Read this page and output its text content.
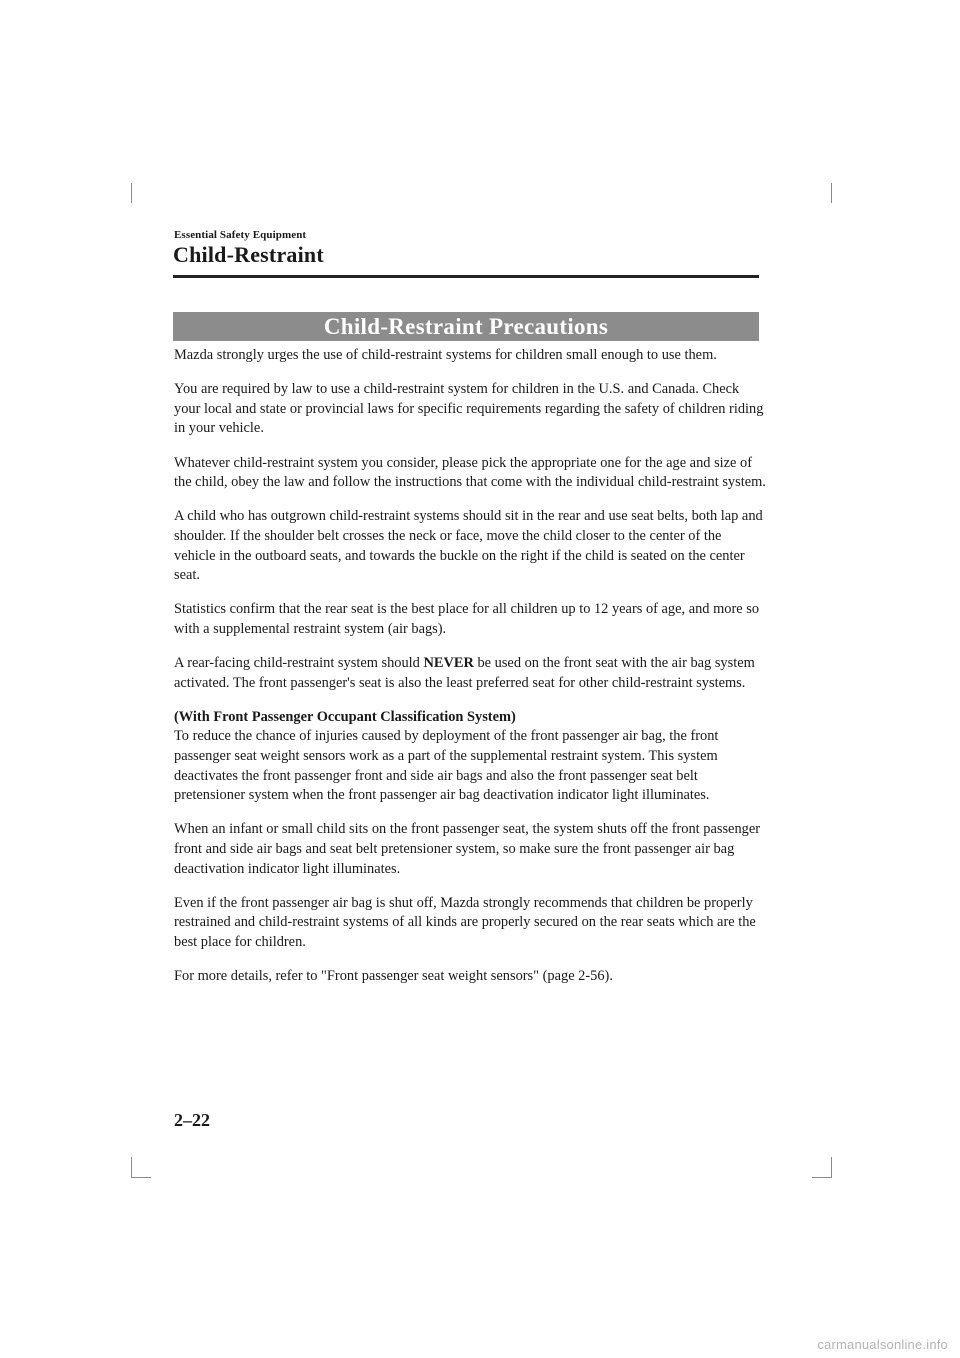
Essential Safety Equipment
Child-Restraint
Child-Restraint Precautions

Mazda strongly urges the use of child-restraint systems for children small enough to use them.

You are required by law to use a child-restraint system for children in the U.S. and Canada. Check your local and state or provincial laws for specific requirements regarding the safety of children riding in your vehicle.

Whatever child-restraint system you consider, please pick the appropriate one for the age and size of the child, obey the law and follow the instructions that come with the individual child-restraint system.

A child who has outgrown child-restraint systems should sit in the rear and use seat belts, both lap and shoulder. If the shoulder belt crosses the neck or face, move the child closer to the center of the vehicle in the outboard seats, and towards the buckle on the right if the child is seated on the center seat.

Statistics confirm that the rear seat is the best place for all children up to 12 years of age, and more so with a supplemental restraint system (air bags).

A rear-facing child-restraint system should NEVER be used on the front seat with the air bag system activated. The front passenger's seat is also the least preferred seat for other child-restraint systems.

(With Front Passenger Occupant Classification System)
To reduce the chance of injuries caused by deployment of the front passenger air bag, the front passenger seat weight sensors work as a part of the supplemental restraint system. This system deactivates the front passenger front and side air bags and also the front passenger seat belt pretensioner system when the front passenger air bag deactivation indicator light illuminates.

When an infant or small child sits on the front passenger seat, the system shuts off the front passenger front and side air bags and seat belt pretensioner system, so make sure the front passenger air bag deactivation indicator light illuminates.

Even if the front passenger air bag is shut off, Mazda strongly recommends that children be properly restrained and child-restraint systems of all kinds are properly secured on the rear seats which are the best place for children.

For more details, refer to "Front passenger seat weight sensors" (page 2-56).

2–22
carmanualsonline.info
